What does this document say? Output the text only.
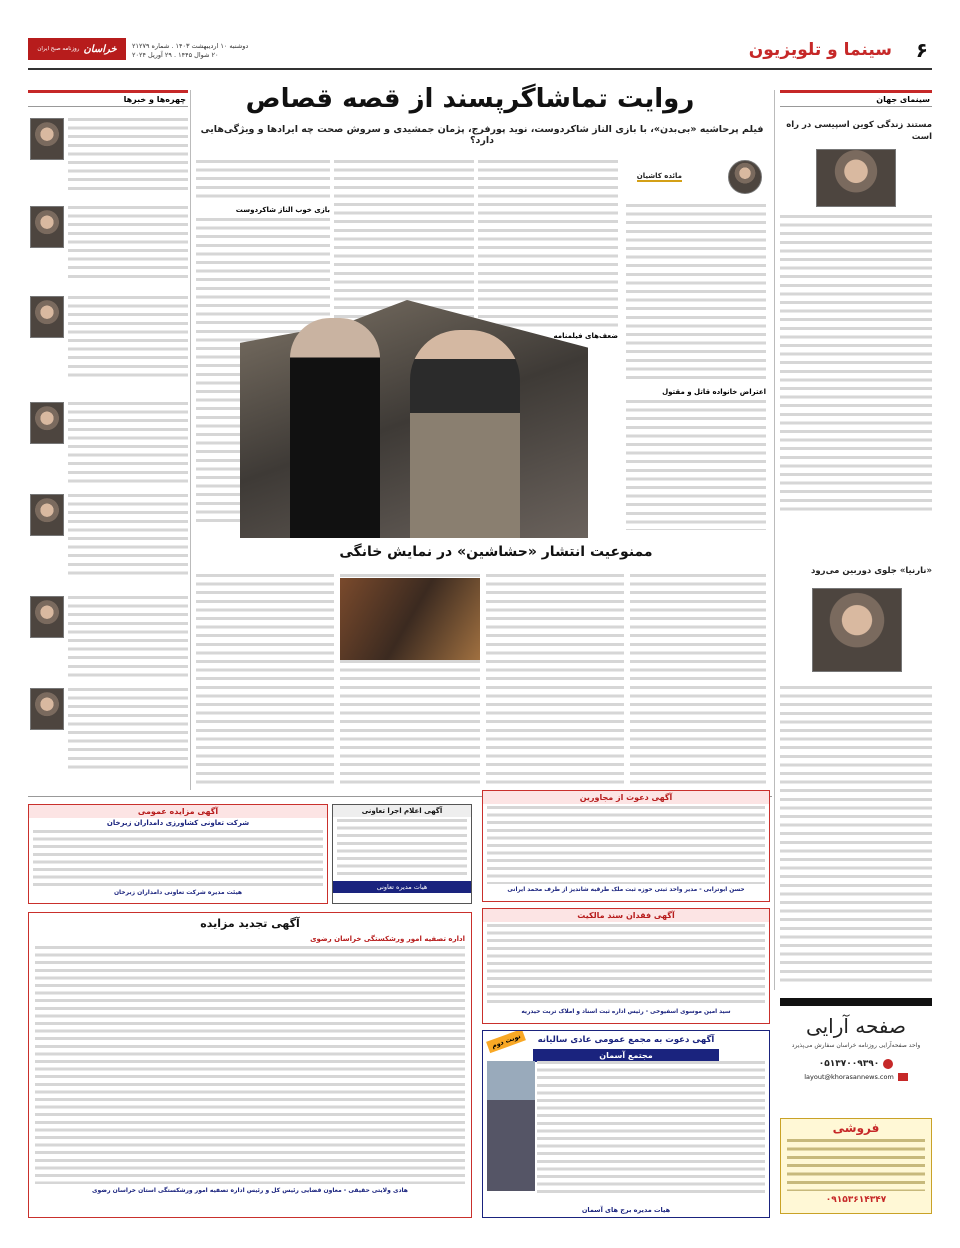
۶
سینما و تلویزیون
دوشنبه ۱۰ اردیبهشت ۱۴۰۳ . شماره ۲۱۲۷۹
۲۰ شوال ۱۴۴۵ . ۲۹ آوریل ۲۰۲۴
خراسان
روزنامه صبح ایران
روایت تماشاگرپسند از قصه قصاص
فیلم پرحاشیه «بی‌بدن»، با بازی الناز شاکردوست، نوید پورفرج، پژمان جمشیدی و سروش صحت چه ایرادها و ویژگی‌هایی دارد؟
سینمای جهان
مستند زندگی کوین اسپیسی در راه است
«نارنیا» جلوی دوربین می‌رود
صفحه آرایی
واحد صفحه‌آرایی روزنامه خراسان سفارش می‌پذیرد
۰۵۱۳۷۰۰۹۳۹۰
layout@khorasannews.com
فروشی
۰۹۱۵۳۶۱۴۳۴۷
مائده کاشیان
اعتراض خانواده قاتل و مقتول
ضعف‌های فیلمنامه
بازی خوب الناز شاکردوست
ممنوعیت انتشار «حشاشین» در نمایش خانگی
چهره‌ها و خبرها
آگهی مزایده عمومی
شرکت تعاونی کشاورزی دامداران زبرخان
هیئت مدیره شرکت تعاونی دامداران زبرخان
آگهی اعلام اجرا تعاونی
هیات مدیره تعاونی
آگهی دعوت از مجاورین
حسن ابوترابی - مدیر واحد ثبتی حوزه ثبت ملک طرقبه شاندیز از طرف محمد ایرانی
آگهی تجدید مزایده
اداره تصفیه امور ورشکستگی خراسان رضوی
هادی ولایتی حقیقی - معاون قضایی رئیس کل و رئیس اداره تصفیه امور ورشکستگی استان خراسان رضوی
آگهی فقدان سند مالکیت
سید امین موسوی اسفیوخی - رئیس اداره ثبت اسناد و املاک تربت حیدریه
آگهی دعوت به مجمع عمومی عادی سالیانه
مجتمع آسمان
نوبت دوم
هیات مدیره برج های آسمان
